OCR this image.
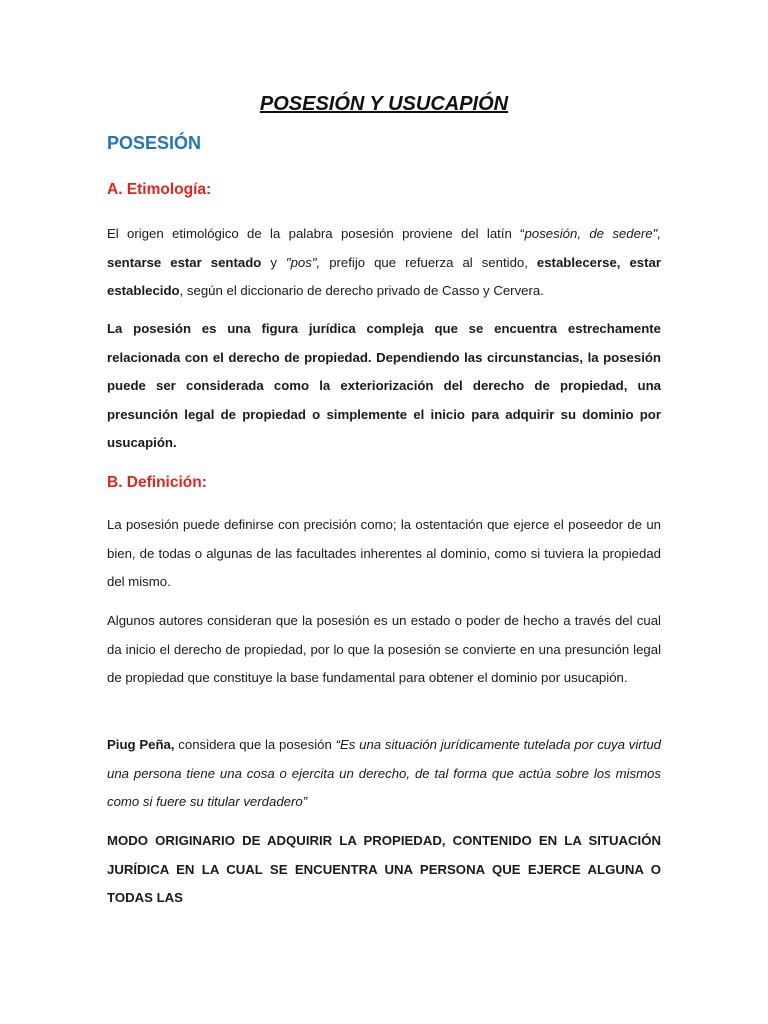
POSESIÓN Y USUCAPIÓN
POSESIÓN
A. Etimología:

El origen etimológico de la palabra posesión proviene del latín “posesión, de sedere", sentarse estar sentado y "pos", prefijo que refuerza al sentido, establecerse, estar establecido, según el diccionario de derecho privado de Casso y Cervera.

La posesión es una figura jurídica compleja que se encuentra estrechamente relacionada con el derecho de propiedad. Dependiendo las circunstancias, la posesión puede ser considerada como la exteriorización del derecho de propiedad, una presunción legal de propiedad o simplemente el inicio para adquirir su dominio por usucapión.

B. Definición:

La posesión puede definirse con precisión como; la ostentación que ejerce el poseedor de un bien, de todas o algunas de las facultades inherentes al dominio, como si tuviera la propiedad del mismo.

Algunos autores consideran que la posesión es un estado o poder de hecho a través del cual da inicio el derecho de propiedad, por lo que la posesión se convierte en una presunción legal de propiedad que constituye la base fundamental para obtener el dominio por usucapión.

Piug Peña, considera que la posesión “Es una situación jurídicamente tutelada por cuya virtud una persona tiene una cosa o ejercita un derecho, de tal forma que actúa sobre los mismos como si fuere su titular verdadero”

MODO ORIGINARIO DE ADQUIRIR LA PROPIEDAD, CONTENIDO EN LA SITUACIÓN JURÍDICA EN LA CUAL SE ENCUENTRA UNA PERSONA QUE EJERCE ALGUNA O TODAS LAS
